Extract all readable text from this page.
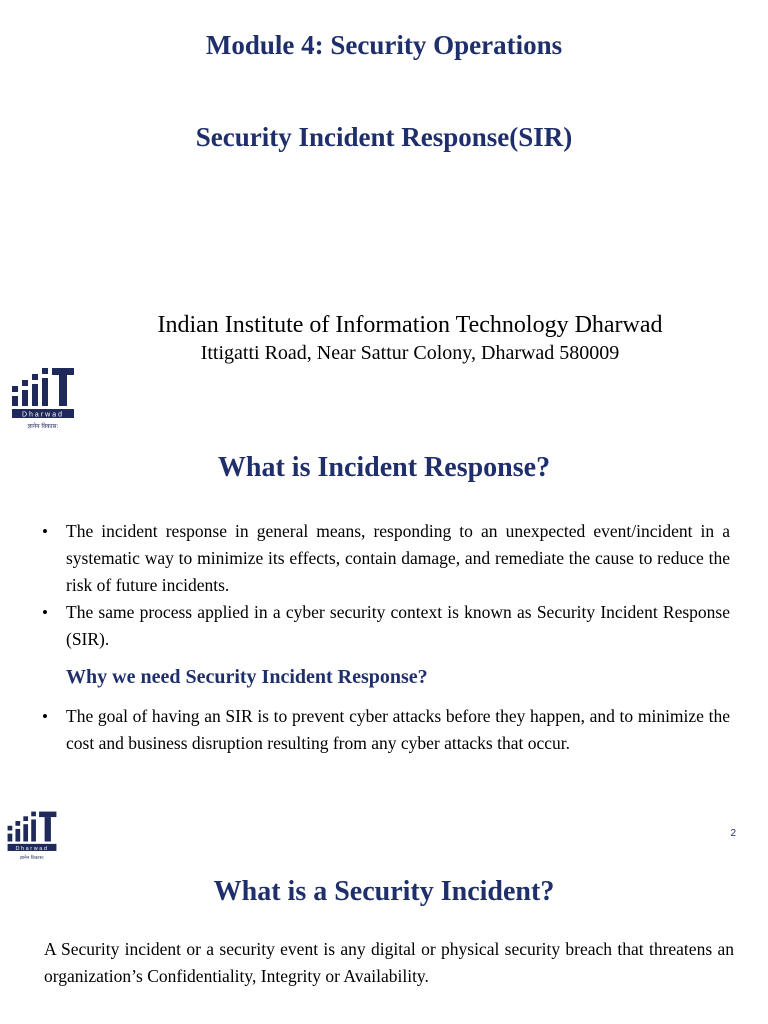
Module 4: Security Operations
Security Incident Response(SIR)

Indian Institute of Information Technology Dharwad

Ittigatti Road, Near Sattur Colony, Dharwad 580009

Dharwad
ज्ञानेन विकास:
What is Incident Response?
• The incident response in general means, responding to an unexpected event/incident in a systematic way to minimize its effects, contain damage, and remediate the cause to reduce the risk of future incidents.
• The same process applied in a cyber security context is known as Security Incident Response (SIR).
Why we need Security Incident Response?
• The goal of having an SIR is to prevent cyber attacks before they happen, and to minimize the cost and business disruption resulting from any cyber attacks that occur.
Dharwad
ज्ञानेन विकास:
2
What is a Security Incident?

A Security incident or a security event is any digital or physical security breach that threatens an organization’s Confidentiality, Integrity or Availability.
